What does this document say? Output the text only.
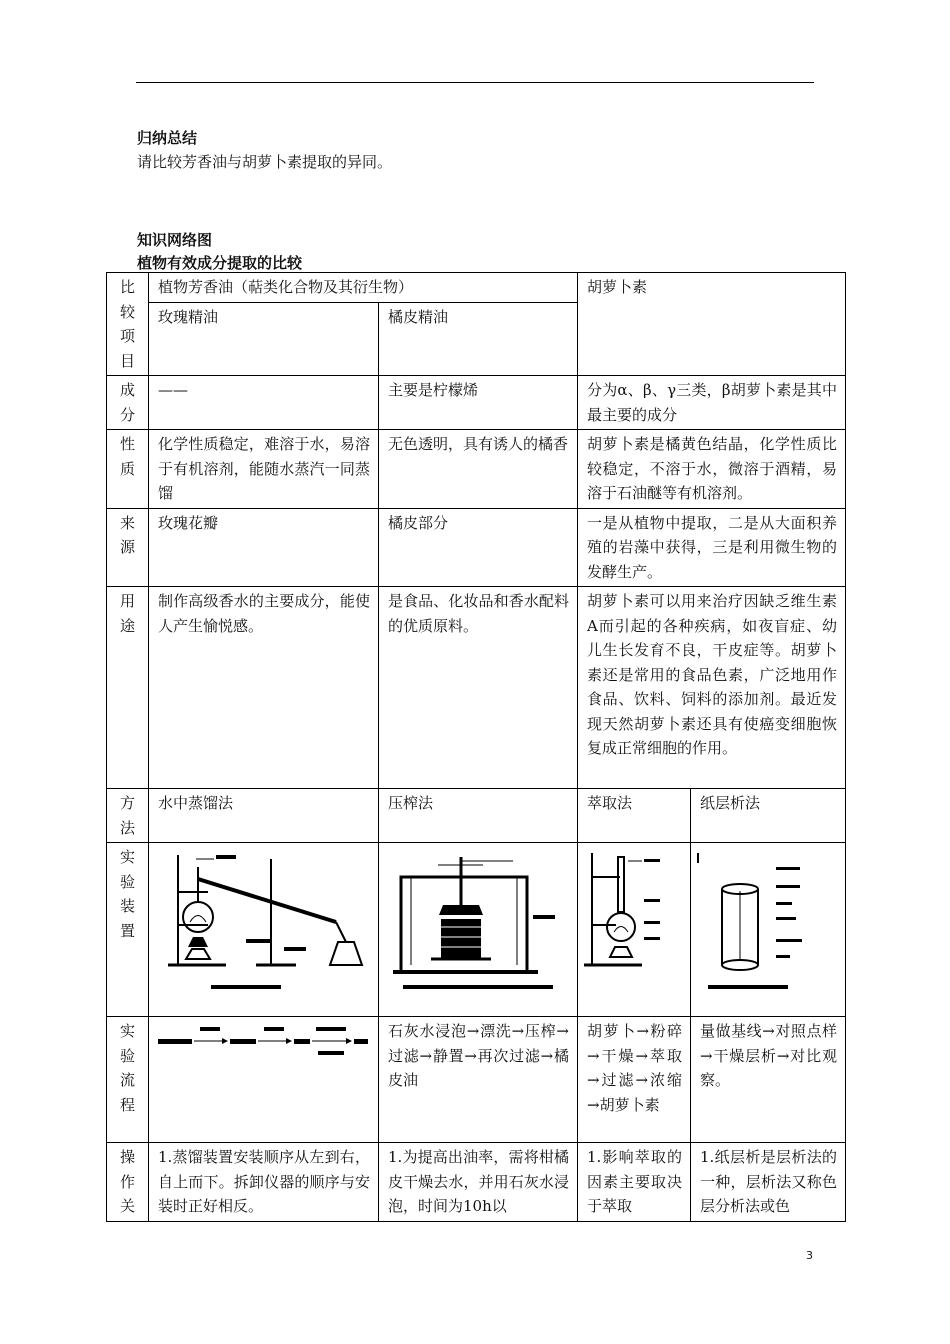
归纳总结
请比较芳香油与胡萝卜素提取的异同。
知识网络图
植物有效成分提取的比较
比较项目	植物芳香油（萜类化合物及其衍生物）		胡萝卜素	
	玫瑰精油	橘皮精油		

成分	——	主要是柠檬烯	分为α、β、γ三类，β胡萝卜素是其中最主要的成分	

性质	化学性质稳定，难溶于水，易溶于有机溶剂，能随水蒸汽一同蒸馏	无色透明，具有诱人的橘香	胡萝卜素是橘黄色结晶，化学性质比较稳定，不溶于水，微溶于酒精，易溶于石油醚等有机溶剂。	

来源	玫瑰花瓣	橘皮部分	一是从植物中提取，二是从大面积养殖的岩藻中获得，三是利用微生物的发酵生产。	

用途	制作高级香水的主要成分，能使人产生愉悦感。	是食品、化妆品和香水配料的优质原料。	胡萝卜素可以用来治疗因缺乏维生素A而引起的各种疾病，如夜盲症、幼儿生长发育不良，干皮症等。胡萝卜素还是常用的食品色素，广泛地用作食品、饮料、饲料的添加剂。最近发现天然胡萝卜素还具有使癌变细胞恢复成正常细胞的作用。	

方法	水中蒸馏法	压榨法	萃取法	纸层析法

实验装置

实验流程		石灰水浸泡→漂洗→压榨→过滤→静置→再次过滤→橘皮油	胡萝卜→粉碎→干燥→萃取→过滤→浓缩→胡萝卜素	量做基线→对照点样→干燥层析→对比观察。

操作关	1.蒸馏装置安装顺序从左到右，自上而下。拆卸仪器的顺序与安装时正好相反。	1.为提高出油率，需将柑橘皮干燥去水，并用石灰水浸泡，时间为10h以	1.影响萃取的因素主要取决于萃取	1.纸层析是层析法的一种，层析法又称色层分析法或色
3
